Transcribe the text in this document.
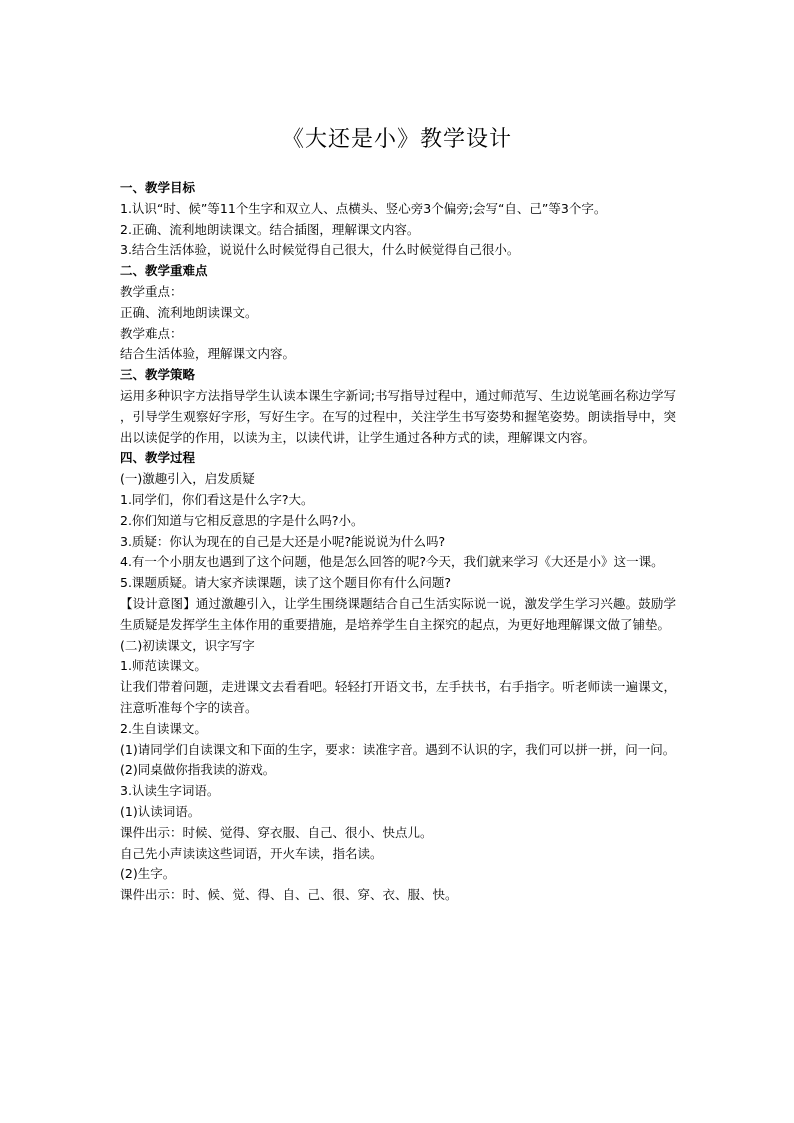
《大还是小》教学设计

一、教学目标

1.认识“时、候”等11个生字和双立人、点横头、竖心旁3个偏旁;会写“自、己”等3个字。

2.正确、流利地朗读课文。结合插图，理解课文内容。

3.结合生活体验，说说什么时候觉得自己很大，什么时候觉得自己很小。

二、教学重难点

教学重点：

正确、流利地朗读课文。

教学难点：

结合生活体验，理解课文内容。

三、教学策略

运用多种识字方法指导学生认读本课生字新词;书写指导过程中，通过师范写、生边说笔画名称边学写，引导学生观察好字形，写好生字。在写的过程中，关注学生书写姿势和握笔姿势。朗读指导中，突出以读促学的作用，以读为主，以读代讲，让学生通过各种方式的读，理解课文内容。

四、教学过程

(一)激趣引入，启发质疑

1.同学们，你们看这是什么字?大。

2.你们知道与它相反意思的字是什么吗?小。

3.质疑：你认为现在的自己是大还是小呢?能说说为什么吗?

4.有一个小朋友也遇到了这个问题，他是怎么回答的呢?今天，我们就来学习《大还是小》这一课。

5.课题质疑。请大家齐读课题，读了这个题目你有什么问题?

【设计意图】通过激趣引入，让学生围绕课题结合自己生活实际说一说，激发学生学习兴趣。鼓励学生质疑是发挥学生主体作用的重要措施，是培养学生自主探究的起点，为更好地理解课文做了铺垫。

(二)初读课文，识字写字

1.师范读课文。

让我们带着问题，走进课文去看看吧。轻轻打开语文书，左手扶书，右手指字。听老师读一遍课文，注意听准每个字的读音。

2.生自读课文。

(1)请同学们自读课文和下面的生字，要求：读准字音。遇到不认识的字，我们可以拼一拼，问一问。

(2)同桌做你指我读的游戏。

3.认读生字词语。

(1)认读词语。

课件出示：时候、觉得、穿衣服、自己、很小、快点儿。

自己先小声读读这些词语，开火车读，指名读。

(2)生字。

课件出示：时、候、觉、得、自、己、很、穿、衣、服、快。
